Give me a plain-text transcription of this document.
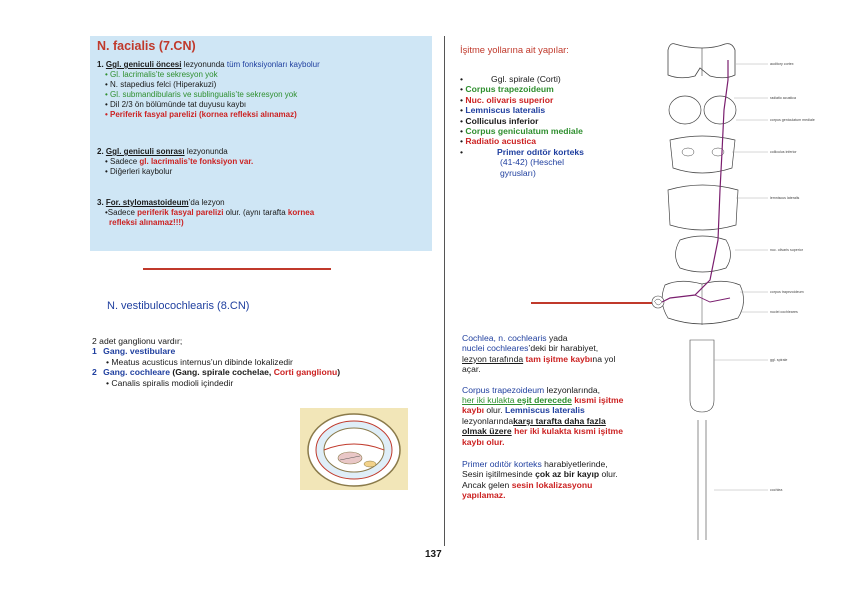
N. facialis (7.CN)
1. Ggl. geniculi öncesi lezyonunda tüm fonksiyonları kaybolur
• Gl. lacrimalis’te sekresyon yok
• N. stapedius felci (Hiperakuzi)
• Gl. submandibularis ve sublingualis’te sekresyon yok
• Dil 2/3 ön bölümünde tat duyusu kaybı
• Periferik fasyal parelizi (kornea refleksi alınamaz)
2. Ggl. geniculi sonrası lezyonunda
• Sadece gl. lacrimalis’te fonksiyon var.
• Diğerleri kaybolur
3. For. stylomastoideum’da lezyon
•Sadece periferik fasyal parelizi olur. (aynı tarafta kornea
refleksi alınamaz!!!)
İşitme yollarına ait yapılar:
•	Ggl. spirale (Corti)
• Corpus trapezoideum
• Nuc. olivaris superior
• Lemniscus lateralis
• Colliculus inferior
• Corpus geniculatum mediale
• Radiatio acustica
•	Primer odıtör korteks
(41-42) (Heschel
gyrusları)
auditory cortex
radiatio acustica
corpus geniculatum mediale
colliculus inferior
lemniscus lateralis
nuc. olivaris superior
corpus trapezoideum
nuclei cochleares
ggl. spirale
cochlea
N. vestibulocochlearis (8.CN)
2 adet ganglionu vardır;
1 Gang. vestibulare
• Meatus acusticus internus’un dibinde lokalizedir
2 Gang. cochleare (Gang. spirale cochelae, Corti ganglionu)
• Canalis spiralis modioli içindedir
Cochlea, n. cochlearis yada
nuclei cochleares’deki bir harabiyet,
lezyon tarafında tam işitme kaybına yol
açar.
Corpus trapezoideum lezyonlarında,
her iki kulakta eşit derecede kısmi işitme
kaybı olur. Lemniscus lateralis
lezyonlarındakarşı tarafta daha fazla
olmak üzere her iki kulakta kısmi işitme
kaybı olur.
Primer odıtör korteks harabiyetlerinde,
Sesin işitilmesinde çok az bir kayıp olur.
Ancak gelen sesin lokalizasyonu
yapılamaz.
137
